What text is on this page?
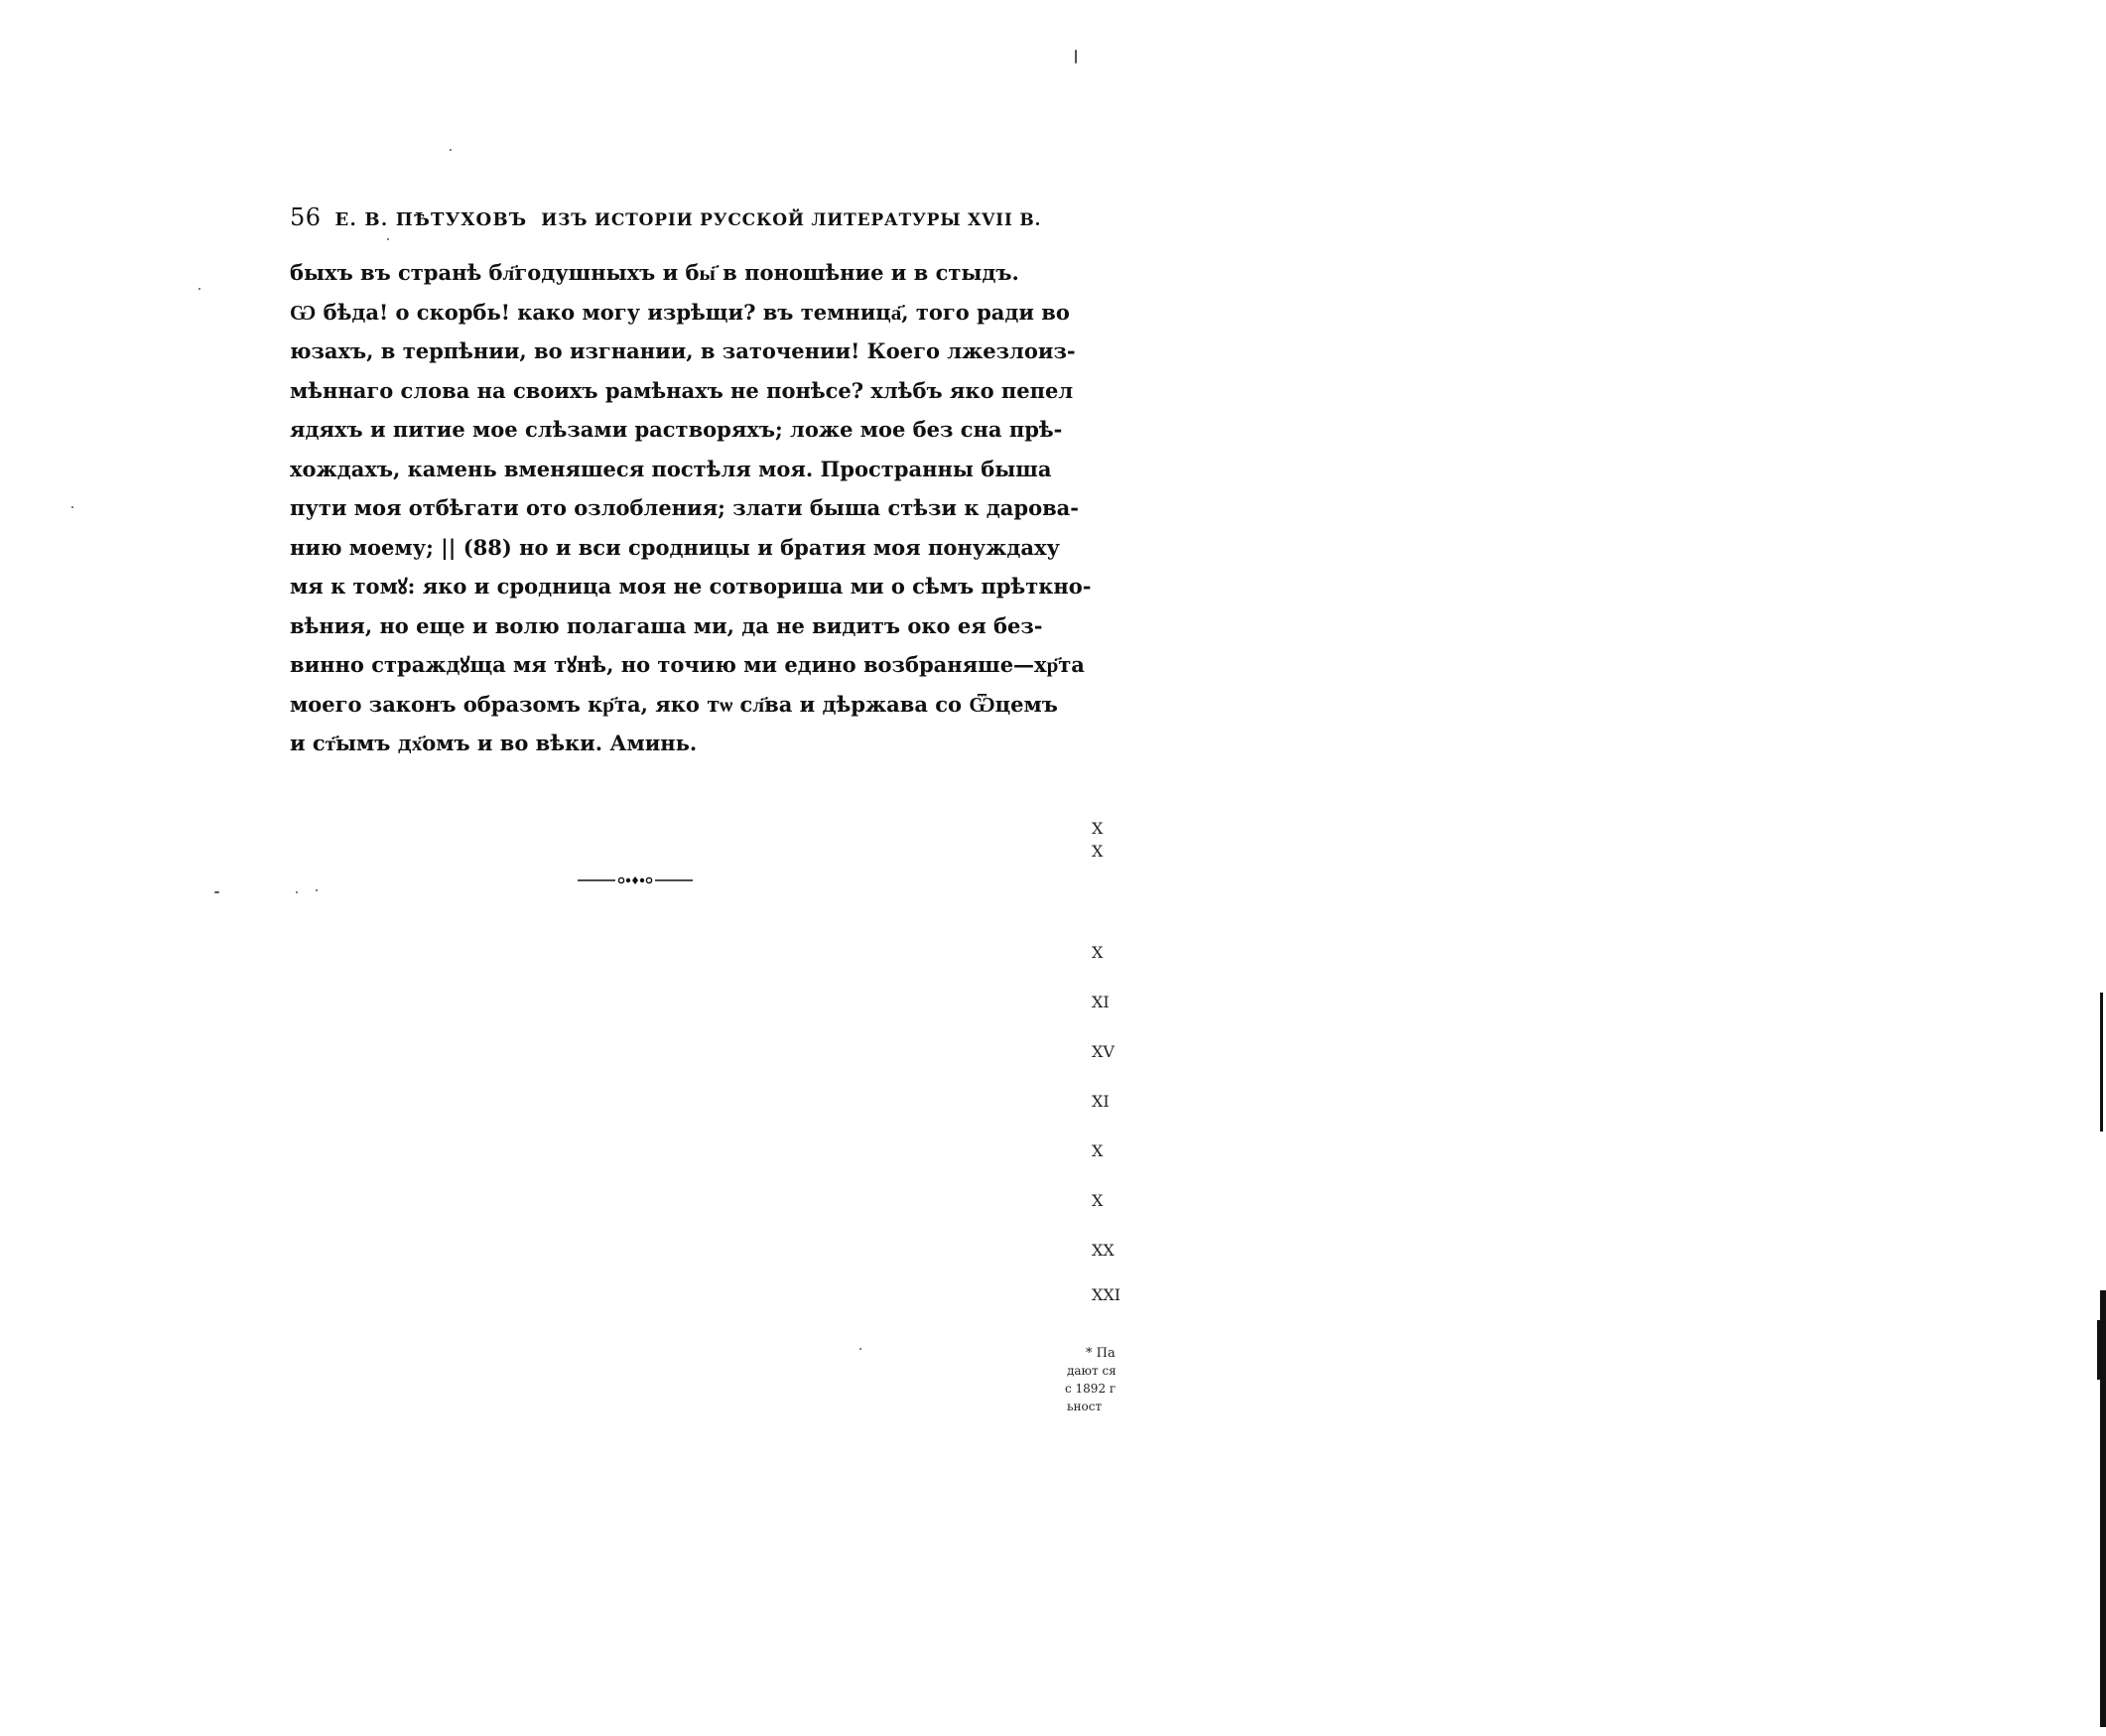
56 Е. В. ПѢТУХОВЪ ИЗЪ ИСТОРІИ РУССКОЙ ЛИТЕРАТУРЫ XVII В.
быхъ въ странѣ бл҃годушныхъ и бы҃ в поношѣние и в стыдъ.
Ѡ бѣда! о скорбь! како могу изрѣщи? въ темница҃, того ради во
юзахъ, в терпѣнии, во изгнании, в заточении! Коего лжезлоиз-
мѣннаго слова на своихъ рамѣнахъ не понѣсе? хлѣбъ яко пепел
ядяхъ и питие мое слѣзами растворяхъ; ложе мое без сна прѣ-
хождахъ, камень вменяшеся постѣля моя. Пространны быша
пути моя отбѣгати ото озлобления; злати быша стѣзи к дарова-
нию моему; || (88) но и вси сродницы и братия моя понуждаху
мя к томꙋ: яко и сродница моя не сотвориша ми о сѣмъ прѣткно-
вѣния, но еще и волю полагаша ми, да не видитъ око ея без-
винно страждꙋща мя тꙋнѣ, но точию ми едино возбраняше—хр҃та
моего законъ образомъ кр҃та, яко тѡ сл҃ва и дѣржава со Ѿцемъ
и ст҃ымъ дх҃омъ и во вѣки. Аминь.
X
X
X
XI
XV
XI
X
X
XX
XXI
* Па
дают ся
с 1892 г
ьност
